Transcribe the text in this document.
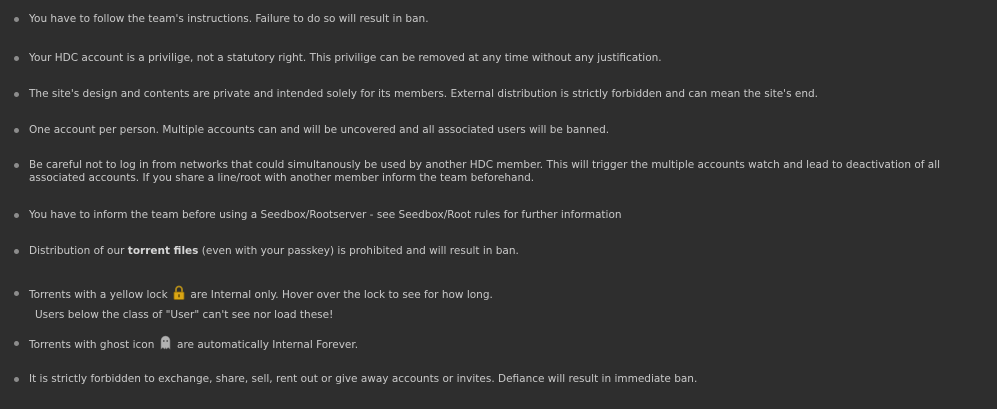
You have to follow the team's instructions. Failure to do so will result in ban.
Your HDC account is a privilige, not a statutory right. This privilige can be removed at any time without any justification.
The site's design and contents are private and intended solely for its members. External distribution is strictly forbidden and can mean the site's end.
One account per person. Multiple accounts can and will be uncovered and all associated users will be banned.
Be careful not to log in from networks that could simultanously be used by another HDC member. This will trigger the multiple accounts watch and lead to deactivation of all associated accounts. If you share a line/root with another member inform the team beforehand.
You have to inform the team before using a Seedbox/Rootserver - see Seedbox/Root rules for further information
Distribution of our torrent files (even with your passkey) is prohibited and will result in ban.
Torrents with a yellow lock  are Internal only. Hover over the lock to see for how long.
Users below the class of "User" can't see nor load these!
Torrents with ghost icon  are automatically Internal Forever.
It is strictly forbidden to exchange, share, sell, rent out or give away accounts or invites. Defiance will result in immediate ban.
